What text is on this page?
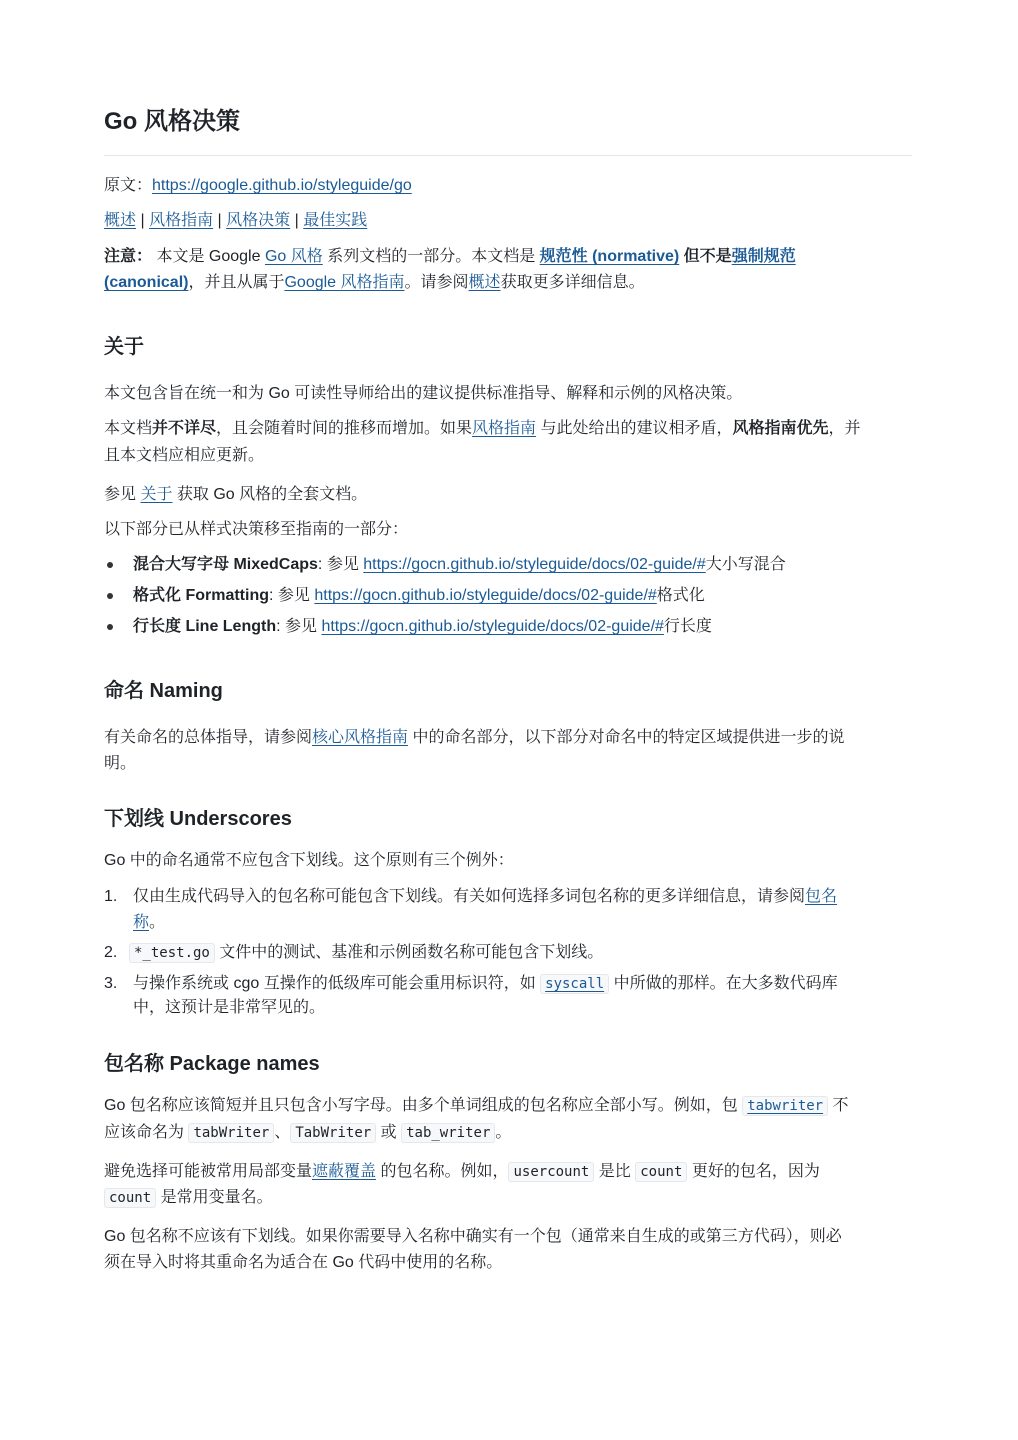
Go 风格决策
原文：https://google.github.io/styleguide/go
概述 | 风格指南 | 风格决策 | 最佳实践
注意： 本文是 Google Go 风格 系列文档的一部分。本文档是 规范性 (normative) 但不是强制规范
(canonical)，并且从属于Google 风格指南。请参阅概述获取更多详细信息。
关于
本文包含旨在统一和为 Go 可读性导师给出的建议提供标准指导、解释和示例的风格决策。
本文档并不详尽，且会随着时间的推移而增加。如果风格指南 与此处给出的建议相矛盾，风格指南优先，并
且本文档应相应更新。
参见 关于 获取 Go 风格的全套文档。
以下部分已从样式决策移至指南的一部分：
混合大写字母 MixedCaps: 参见 https://gocn.github.io/styleguide/docs/02-guide/#大小写混合
格式化 Formatting: 参见 https://gocn.github.io/styleguide/docs/02-guide/#格式化
行长度 Line Length: 参见 https://gocn.github.io/styleguide/docs/02-guide/#行长度
命名 Naming
有关命名的总体指导，请参阅核心风格指南 中的命名部分，以下部分对命名中的特定区域提供进一步的说
明。
下划线 Underscores
Go 中的命名通常不应包含下划线。这个原则有三个例外：
1. 仅由生成代码导入的包名称可能包含下划线。有关如何选择多词包名称的更多详细信息，请参阅包名
称。
2.	*_test.go 文件中的测试、基准和示例函数名称可能包含下划线。
3. 与操作系统或 cgo 互操作的低级库可能会重用标识符，如 syscall 中所做的那样。在大多数代码库
中，这预计是非常罕见的。
包名称 Package names
Go 包名称应该简短并且只包含小写字母。由多个单词组成的包名称应全部小写。例如，包 tabwriter 不
应该命名为 tabWriter 、 TabWriter 或 tab_writer 。
避免选择可能被常用局部变量遮蔽覆盖 的包名称。例如， usercount 是比 count 更好的包名，因为
count 是常用变量名。
Go 包名称不应该有下划线。如果你需要导入名称中确实有一个包（通常来自生成的或第三方代码），则必
须在导入时将其重命名为适合在 Go 代码中使用的名称。
